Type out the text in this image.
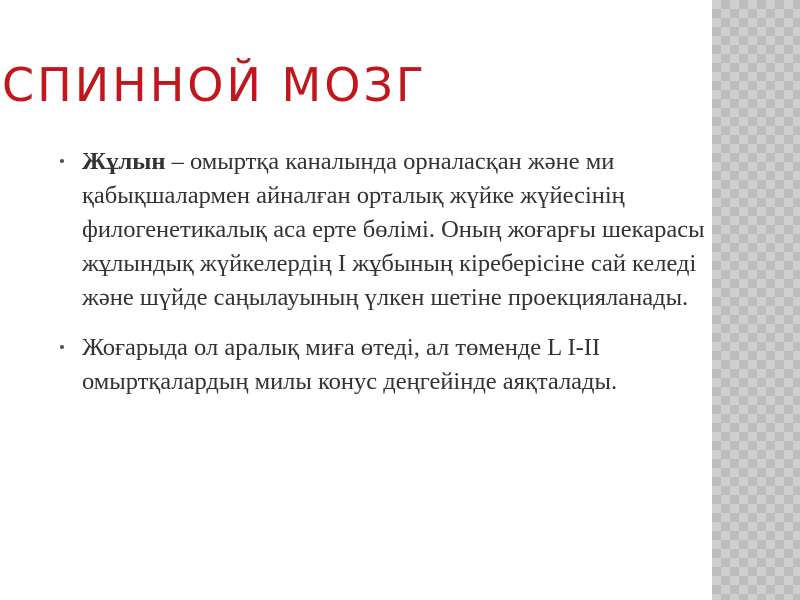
СПИННОЙ МОЗГ
Жұлын – омыртқа каналында орналасқан және ми қабықшалармен айналған орталық жүйке жүйесінің филогенетикалық аса ерте бөлімі. Оның жоғарғы шекарасы жұлындық жүйкелердің I жұбының кіреберісіне сай келеді және шүйде саңылауының үлкен шетіне проекцияланады.
Жоғарыда ол аралық миға өтеді, ал төменде L I-II омыртқалардың милы конус деңгейінде аяқталады.
